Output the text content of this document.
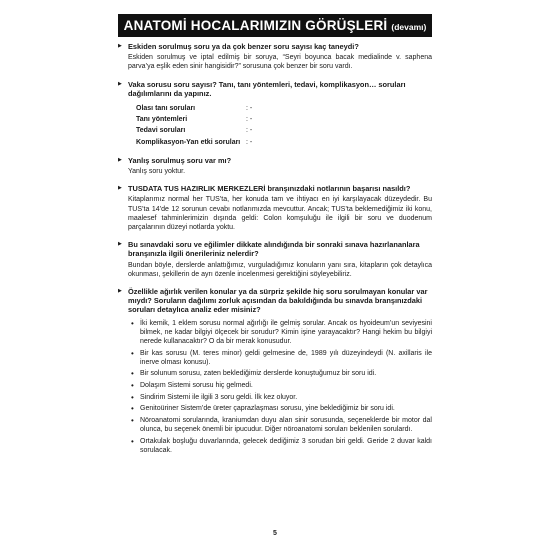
ANATOMİ HOCALARIMIZIN GÖRÜŞLERİ (devamı)
▶ Eskiden sorulmuş soru ya da çok benzer soru sayısı kaç taneydi?
Eskiden sorulmuş ve iptal edilmiş bir soruya, “Seyri boyunca bacak medialinde v. saphena parva’ya eşlik eden sinir hangisidir?” sorusuna çok benzer bir soru vardı.
▶ Vaka sorusu soru sayısı? Tanı, tanı yöntemleri, tedavi, komplikasyon… soruları dağılımlarını da yapınız.
Olası tanı soruları	: -
Tanı yöntemleri	: -
Tedavi soruları	: -
Komplikasyon-Yan etki soruları : -
▶ Yanlış sorulmuş soru var mı?
Yanlış soru yoktur.
▶ TUSDATA TUS HAZIRLIK MERKEZLERİ branşınızdaki notlarının başarısı nasıldı?
Kitaplarımız normal her TUS’ta, her konuda tam ve ihtiyacı en iyi karşılayacak düzeydedir. Bu TUS’ta 14’de 12 sorunun cevabı notlarımızda mevcuttur. Ancak; TUS’ta beklemediğimiz iki konu, maalesef tahminlerimizin dışında geldi: Colon komşuluğu ile ilgili bir soru ve duodenum parçalarının düzeyi notlarda yoktu.
▶ Bu sınavdaki soru ve eğilimler dikkate alındığında bir sonraki sınava hazırlananlara branşınızla ilgili önerileriniz nelerdir?
Bundan böyle, derslerde anlattığımız, vurguladığımız konuların yanı sıra, kitapların çok detaylıca okunması, şekillerin de ayrı özenle incelenmesi gerektiğini söyleyebiliriz.
▶ Özellikle ağırlık verilen konular ya da sürpriz şekilde hiç soru sorulmayan konular var mıydı? Soruların dağılımı zorluk açısından da bakıldığında bu sınavda branşınızdaki soruları detaylıca analiz eder misiniz?
• İki kemik, 1 eklem sorusu normal ağırlığı ile gelmiş sorular. Ancak os hyoideum’un seviyesini bilmek, ne kadar bilgiyi ölçecek bir sorudur? Kimin işine yarayacaktır? Hangi hekim bu bilgiyi nerede kullanacaktır? O da bir merak konusudur.
• Bir kas sorusu (M. teres minor) geldi gelmesine de, 1989 yılı düzeyindeydi (N. axillaris ile inerve olması konusu).
• Bir solunum sorusu, zaten beklediğimiz derslerde konuştuğumuz bir soru idi.
• Dolaşım Sistemi sorusu hiç gelmedi.
• Sindirim Sistemi ile ilgili 3 soru geldi. İlk kez oluyor.
• Genitoüriner Sistem’de üreter çaprazlaşması sorusu, yine beklediğimiz bir soru idi.
• Nöroanatomi sorularında, kraniumdan duyu alan sinir sorusunda, seçeneklerde bir motor dal olunca, bu seçenek önemli bir ipucudur. Diğer nöroanatomi soruları beklenilen sorulardı.
• Ortakulak boşluğu duvarlarında, gelecek dediğimiz 3 sorudan biri geldi. Geride 2 duvar kaldı sorulacak.
5
